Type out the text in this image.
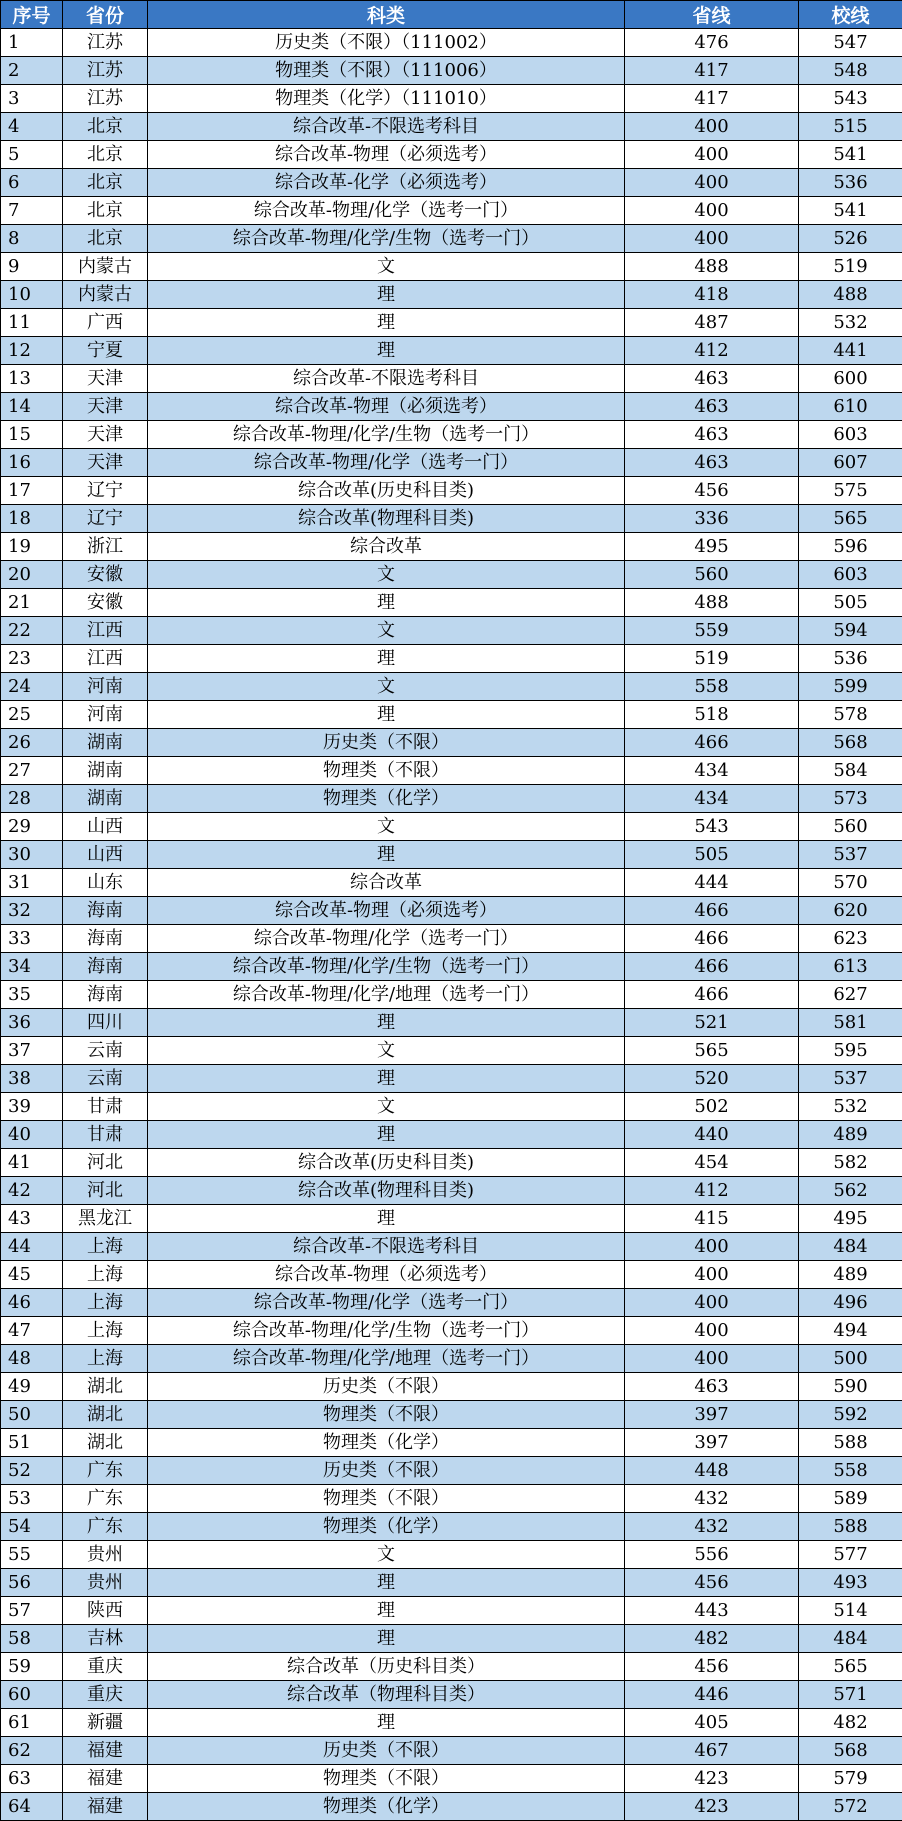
序号	省份	科类	省线	校线
1	江苏	历史类（不限）（111002）	476	547
2	江苏	物理类（不限）（111006）	417	548
3	江苏	物理类（化学）（111010）	417	543
4	北京	综合改革-不限选考科目	400	515
5	北京	综合改革-物理（必须选考）	400	541
6	北京	综合改革-化学（必须选考）	400	536
7	北京	综合改革-物理/化学（选考一门）	400	541
8	北京	综合改革-物理/化学/生物（选考一门）	400	526
9	内蒙古	文	488	519
10	内蒙古	理	418	488
11	广西	理	487	532
12	宁夏	理	412	441
13	天津	综合改革-不限选考科目	463	600
14	天津	综合改革-物理（必须选考）	463	610
15	天津	综合改革-物理/化学/生物（选考一门）	463	603
16	天津	综合改革-物理/化学（选考一门）	463	607
17	辽宁	综合改革(历史科目类)	456	575
18	辽宁	综合改革(物理科目类)	336	565
19	浙江	综合改革	495	596
20	安徽	文	560	603
21	安徽	理	488	505
22	江西	文	559	594
23	江西	理	519	536
24	河南	文	558	599
25	河南	理	518	578
26	湖南	历史类（不限）	466	568
27	湖南	物理类（不限）	434	584
28	湖南	物理类（化学）	434	573
29	山西	文	543	560
30	山西	理	505	537
31	山东	综合改革	444	570
32	海南	综合改革-物理（必须选考）	466	620
33	海南	综合改革-物理/化学（选考一门）	466	623
34	海南	综合改革-物理/化学/生物（选考一门）	466	613
35	海南	综合改革-物理/化学/地理（选考一门）	466	627
36	四川	理	521	581
37	云南	文	565	595
38	云南	理	520	537
39	甘肃	文	502	532
40	甘肃	理	440	489
41	河北	综合改革(历史科目类)	454	582
42	河北	综合改革(物理科目类)	412	562
43	黑龙江	理	415	495
44	上海	综合改革-不限选考科目	400	484
45	上海	综合改革-物理（必须选考）	400	489
46	上海	综合改革-物理/化学（选考一门）	400	496
47	上海	综合改革-物理/化学/生物（选考一门）	400	494
48	上海	综合改革-物理/化学/地理（选考一门）	400	500
49	湖北	历史类（不限）	463	590
50	湖北	物理类（不限）	397	592
51	湖北	物理类（化学）	397	588
52	广东	历史类（不限）	448	558
53	广东	物理类（不限）	432	589
54	广东	物理类（化学）	432	588
55	贵州	文	556	577
56	贵州	理	456	493
57	陕西	理	443	514
58	吉林	理	482	484
59	重庆	综合改革（历史科目类）	456	565
60	重庆	综合改革（物理科目类）	446	571
61	新疆	理	405	482
62	福建	历史类（不限）	467	568
63	福建	物理类（不限）	423	579
64	福建	物理类（化学）	423	572
